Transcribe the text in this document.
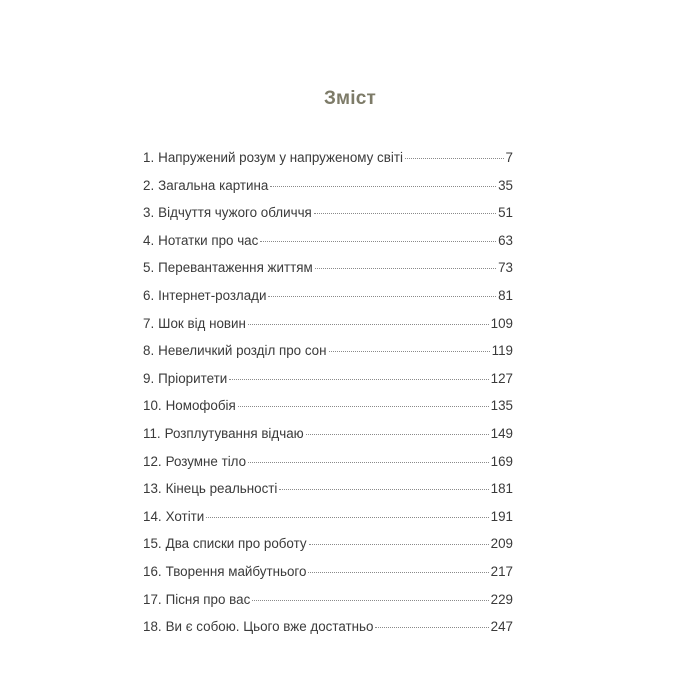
Зміст
1. Напружений розум у напруженому світі	7
2. Загальна картина	35
3. Відчуття чужого обличчя	51
4. Нотатки про час	63
5. Перевантаження життям	73
6. Інтернет-розлади	81
7. Шок від новин	109
8. Невеличкий розділ про сон	119
9. Пріоритети	127
10. Номофобія	135
11. Розплутування відчаю	149
12. Розумне тіло	169
13. Кінець реальності	181
14. Хотіти	191
15. Два списки про роботу	209
16. Творення майбутнього	217
17. Пісня про вас	229
18. Ви є собою. Цього вже достатньо	247
